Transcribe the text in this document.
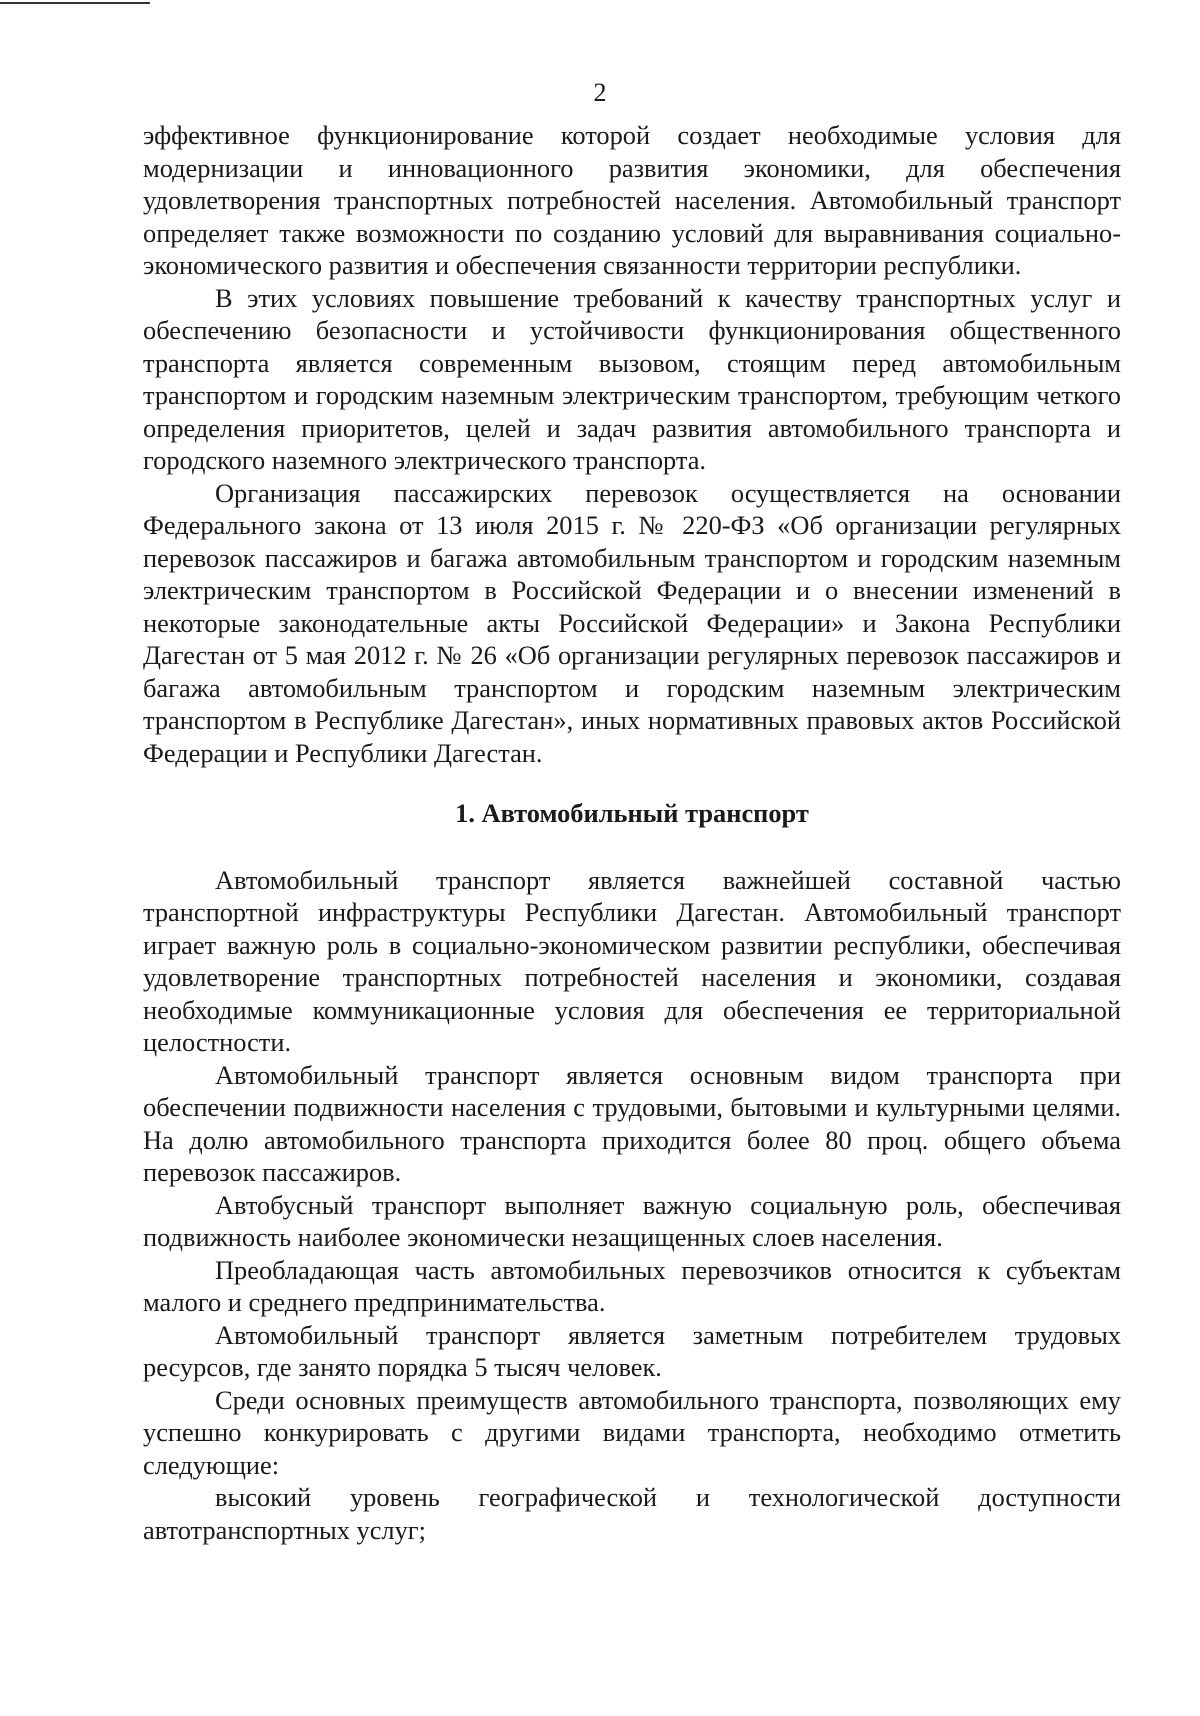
2

эффективное функционирование которой создает необходимые условия для модернизации и инновационного развития экономики, для обеспечения удовлетворения транспортных потребностей населения. Автомобильный транспорт определяет также возможности по созданию условий для выравнивания социально-экономического развития и обеспечения связанности территории республики.

В этих условиях повышение требований к качеству транспортных услуг и обеспечению безопасности и устойчивости функционирования общественного транспорта является современным вызовом, стоящим перед автомобильным транспортом и городским наземным электрическим транспортом, требующим четкого определения приоритетов, целей и задач развития автомобильного транспорта и городского наземного электрического транспорта.

Организация пассажирских перевозок осуществляется на основании Федерального закона от 13 июля 2015 г. № 220-ФЗ «Об организации регулярных перевозок пассажиров и багажа автомобильным транспортом и городским наземным электрическим транспортом в Российской Федерации и о внесении изменений в некоторые законодательные акты Российской Федерации» и Закона Республики Дагестан от 5 мая 2012 г. № 26 «Об организации регулярных перевозок пассажиров и багажа автомобильным транспортом и городским наземным электрическим транспортом в Республике Дагестан», иных нормативных правовых актов Российской Федерации и Республики Дагестан.

1. Автомобильный транспорт

Автомобильный транспорт является важнейшей составной частью транспортной инфраструктуры Республики Дагестан. Автомобильный транспорт играет важную роль в социально-экономическом развитии республики, обеспечивая удовлетворение транспортных потребностей населения и экономики, создавая необходимые коммуникационные условия для обеспечения ее территориальной целостности.

Автомобильный транспорт является основным видом транспорта при обеспечении подвижности населения с трудовыми, бытовыми и культурными целями. На долю автомобильного транспорта приходится более 80 проц. общего объема перевозок пассажиров.

Автобусный транспорт выполняет важную социальную роль, обеспечивая подвижность наиболее экономически незащищенных слоев населения.

Преобладающая часть автомобильных перевозчиков относится к субъектам малого и среднего предпринимательства.

Автомобильный транспорт является заметным потребителем трудовых ресурсов, где занято порядка 5 тысяч человек.

Среди основных преимуществ автомобильного транспорта, позволяющих ему успешно конкурировать с другими видами транспорта, необходимо отметить следующие:

высокий уровень географической и технологической доступности автотранспортных услуг;
